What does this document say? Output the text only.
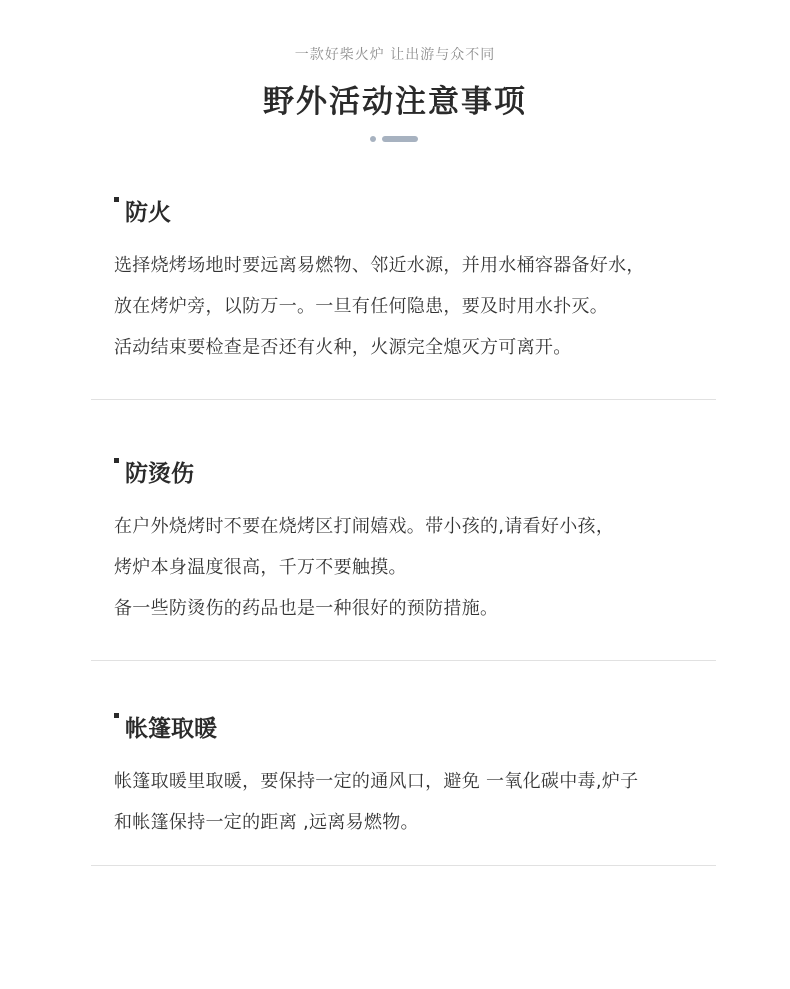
一款好柴火炉 让出游与众不同
野外活动注意事项
防火
选择烧烤场地时要远离易燃物、邻近水源，并用水桶容器备好水，
放在烤炉旁，以防万一。一旦有任何隐患，要及时用水扑灭。
活动结束要检查是否还有火种，火源完全熄灭方可离开。
防烫伤
在户外烧烤时不要在烧烤区打闹嬉戏。带小孩的,请看好小孩，
烤炉本身温度很高，千万不要触摸。
备一些防烫伤的药品也是一种很好的预防措施。
帐篷取暖
帐篷取暖里取暖，要保持一定的通风口，避免 一氧化碳中毒,炉子
和帐篷保持一定的距离 ,远离易燃物。
